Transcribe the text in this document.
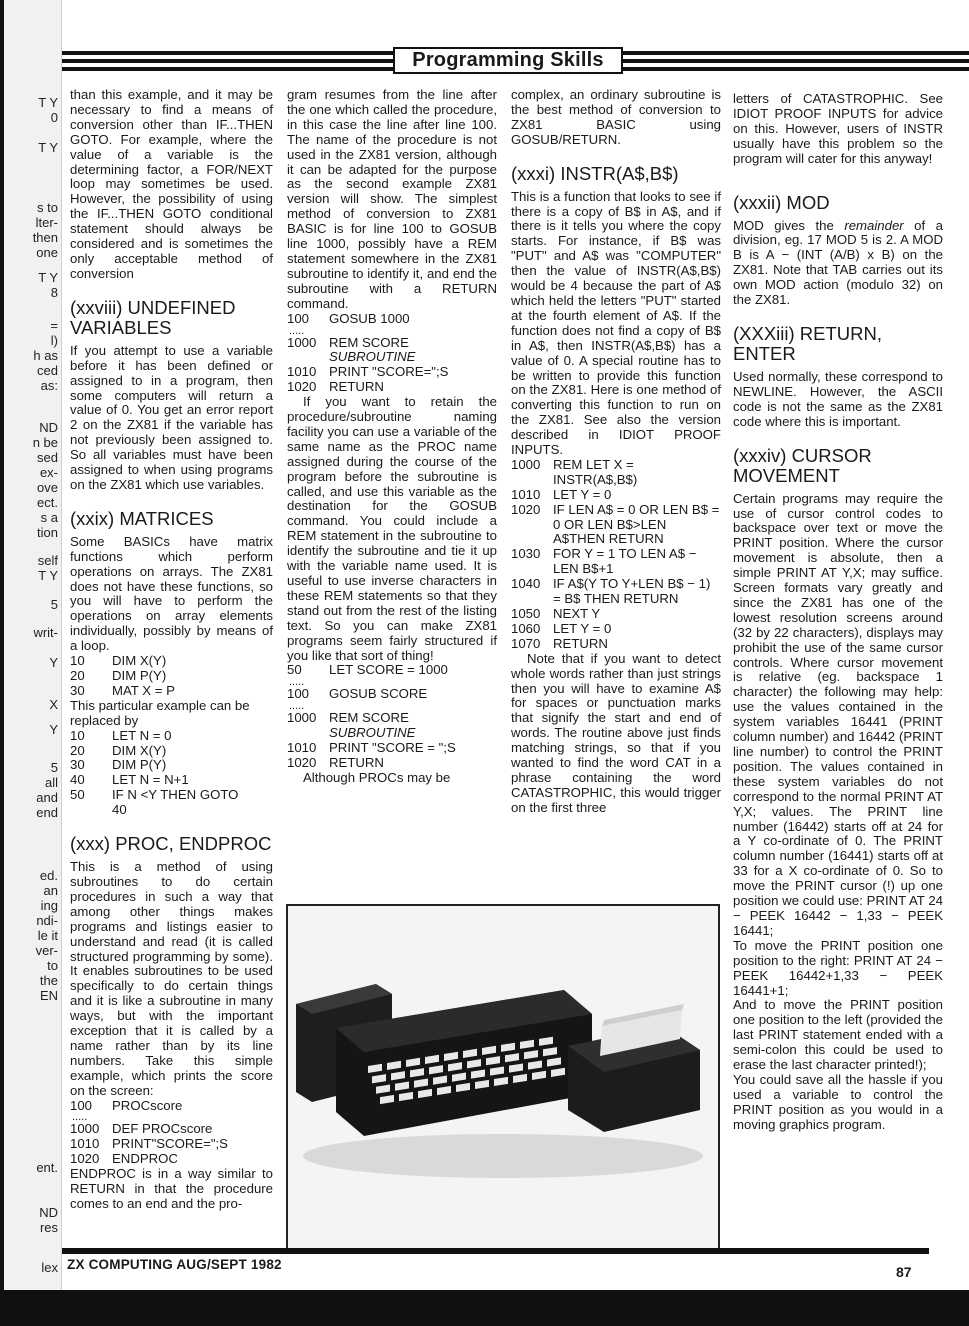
T Y
0
T Y
s to
lter-
then
one
T Y
8
=
l)
h as
ced
as:
ND
n be
sed
ex-
ove
ect.
s a
tion
self
T Y
5
writ-
Y
X
Y
5
all
and
end
ed.
an
ing
ndi-
le it
ver-
to
the
EN
ent.
ND
res
lex
Programming Skills

than this example, and it may be necessary to find a means of conversion other than IF...THEN GOTO. For example, where the value of a variable is the determining factor, a FOR/NEXT loop may sometimes be used. However, the possibility of using the IF...THEN GOTO conditional statement should always be considered and is sometimes the only acceptable method of conversion

(xxviii) UNDEFINED VARIABLES

If you attempt to use a variable before it has been defined or assigned to in a program, then some computers will return a value of 0. You get an error report 2 on the ZX81 if the variable has not previously been assigned to. So all variables must have been assigned to when using programs on the ZX81 which use variables.

(xxix) MATRICES

Some BASICs have matrix functions which perform operations on arrays. The ZX81 does not have these functions, so you will have to perform the operations on array elements individually, possibly by means of a loop.

10	DIM X(Y)
20	DIM P(Y)
30	MAT X = P

This particular example can be replaced by

10	LET N = 0
20	DIM X(Y)
30	DIM P(Y)
40	LET N = N+1
50	IF N <Y THEN GOTO
40
(xxx) PROC, ENDPROC

This is a method of using subroutines to do certain procedures in such a way that among other things makes programs and listings easier to understand and read (it is called structured programming by some). It enables subroutines to be used specifically to do certain things and it is like a subroutine in many ways, but with the important exception that it is called by a name rather than by its line numbers. Take this simple example, which prints the score on the screen:

100	PROCscore
.....
1000 DEF PROCscore
1010 PRINT"SCORE=";S
1020 ENDPROC

ENDPROC is in a way similar to RETURN in that the procedure comes to an end and the pro-

gram resumes from the line after the one which called the procedure, in this case the line after line 100. The name of the procedure is not used in the ZX81 version, although it can be adapted for the purpose as the second example ZX81 version will show. The simplest method of conversion to ZX81 BASIC is for line 100 to GOSUB line 1000, possibly have a REM statement somewhere in the ZX81 subroutine to identify it, and end the subroutine with a RETURN command.

100	GOSUB 1000
.....
1000 REM SCORE
SUBROUTINE
1010 PRINT "SCORE=";S
1020 RETURN

If you want to retain the procedure/subroutine naming facility you can use a variable of the same name as the PROC name assigned during the course of the program before the subroutine is called, and use this variable as the destination for the GOSUB command. You could include a REM statement in the subroutine to identify the subroutine and tie it up with the variable name used. It is useful to use inverse characters in these REM statements so that they stand out from the rest of the listing text. So you can make ZX81 programs seem fairly structured if you like that sort of thing!

50	LET SCORE = 1000
.....
100	GOSUB SCORE
.....
1000 REM SCORE
SUBROUTINE
1010 PRINT "SCORE = ";S
1020 RETURN

Although PROCs may be

complex, an ordinary subroutine is the best method of conversion to ZX81 BASIC using GOSUB/RETURN.

(xxxi) INSTR(A$,B$)

This is a function that looks to see if there is a copy of B$ in A$, and if there is it tells you where the copy starts. For instance, if B$ was "PUT" and A$ was "COMPUTER" then the value of INSTR(A$,B$) would be 4 because the part of A$ which held the letters "PUT" started at the fourth element of A$. If the function does not find a copy of B$ in A$, then INSTR(A$,B$) has a value of 0. A special routine has to be written to provide this function on the ZX81. Here is one method of converting this function to run on the ZX81. See also the version described in IDIOT PROOF INPUTS.

1000 REM LET X = INSTR(A$,B$)
1010 LET Y = 0
1020 IF LEN A$ = 0 OR LEN B$ = 0 OR LEN B$>LEN A$THEN RETURN
1030 FOR Y = 1 TO LEN A$ − LEN B$+1
1040 IF A$(Y TO Y+LEN B$ − 1) = B$ THEN RETURN
1050 NEXT Y
1060 LET Y = 0
1070 RETURN

Note that if you want to detect whole words rather than just strings then you will have to examine A$ for spaces or punctuation marks that signify the start and end of words. The routine above just finds matching strings, so that if you wanted to find the word CAT in a phrase containing the word CATASTROPHIC, this would trigger on the first three

letters of CATASTROPHIC. See IDIOT PROOF INPUTS for advice on this. However, users of INSTR usually have this problem so the program will cater for this anyway!

(xxxii) MOD

MOD gives the remainder of a division, eg. 17 MOD 5 is 2. A MOD B is A − (INT (A/B) x B) on the ZX81. Note that TAB carries out its own MOD action (modulo 32) on the ZX81.

(XXXiii) RETURN, ENTER

Used normally, these correspond to NEWLINE. However, the ASCII code is not the same as the ZX81 code where this is important.

(xxxiv) CURSOR MOVEMENT

Certain programs may require the use of cursor control codes to backspace over text or move the PRINT position. Where the cursor movement is absolute, then a simple PRINT AT Y,X; may suffice. Screen formats vary greatly and since the ZX81 has one of the lowest resolution screens around (32 by 22 characters), displays may prohibit the use of the same cursor controls. Where cursor movement is relative (eg. backspace 1 character) the following may help: use the values contained in the system variables 16441 (PRINT column number) and 16442 (PRINT line number) to control the PRINT position. The values contained in these system variables do not correspond to the normal PRINT AT Y,X; values. The PRINT line number (16442) starts off at 24 for a Y co-ordinate of 0. The PRINT column number (16441) starts off at 33 for a X co-ordinate of 0. So to move the PRINT cursor (!) up one position we could use: PRINT AT 24 − PEEK 16442 − 1,33 − PEEK 16441;

To move the PRINT position one position to the right: PRINT AT 24 − PEEK 16442+1,33 − PEEK 16441+1;

And to move the PRINT position one position to the left (provided the last PRINT statement ended with a semi-colon this could be used to erase the last character printed!);

You could save all the hassle if you used a variable to control the PRINT position as you would in a moving graphics program.

ZX COMPUTING AUG/SEPT 1982	87
